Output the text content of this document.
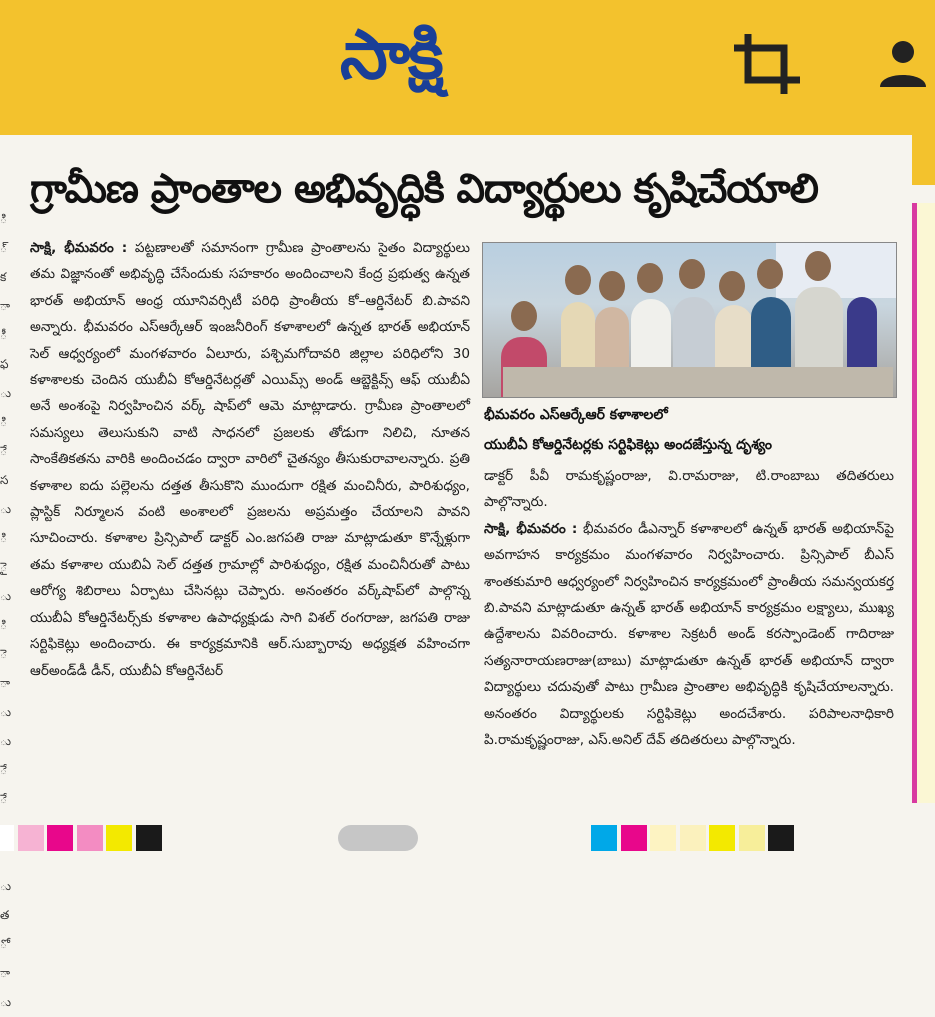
సాక్షి
ి
్
క
ా
ీ
ఫ
ు
ి
ే
స
ు
ి
ై
ు
ి
ె
ా
ు
ు
ే
ే
ు
త
ో
ా
ు
గ్రామీణ ప్రాంతాల అభివృద్ధికి విద్యార్థులు కృషిచేయాలి

సాక్షి, భీమవరం : పట్టణాలతో సమానంగా గ్రామీణ ప్రాంతాలను సైతం విద్యార్థులు తమ విజ్ఞానంతో అభివృద్ధి చేసేందుకు సహకారం అందించాలని కేంద్ర ప్రభుత్వ ఉన్నత భారత్ అభియాన్ ఆంధ్ర యూనివర్సిటీ పరిధి ప్రాంతీయ కో–ఆర్డినేటర్ బి.పావని అన్నారు. భీమవరం ఎస్ఆర్కేఆర్ ఇంజనీరింగ్ కళాశాలలో ఉన్నత భారత్ అభియాన్ సెల్ ఆధ్వర్యంలో మంగళవారం ఏలూరు, పశ్చిమగోదావరి జిల్లాల పరిధిలోని 30 కళాశాలకు చెందిన యుబీఏ కోఆర్డినేటర్లతో ఎయిమ్స్ అండ్ ఆబ్జెక్టివ్స్ ఆఫ్ యుబీఏ అనే అంశంపై నిర్వహించిన వర్క్ షాప్‌లో ఆమె మాట్లాడారు. గ్రామీణ ప్రాంతాలలో సమస్యలు తెలుసుకుని వాటి సాధనలో ప్రజలకు తోడుగా నిలిచి, నూతన సాంకేతికతను వారికి అందించడం ద్వారా వారిలో చైతన్యం తీసుకురావాలన్నారు. ప్రతి కళాశాల ఐదు పల్లెలను దత్తత తీసుకొని ముందుగా రక్షిత మంచినీరు, పారిశుధ్యం, ప్లాస్టిక్ నిర్మూలన వంటి అంశాలలో ప్రజలను అప్రమత్తం చేయాలని పావని సూచించారు. కళాశాల ప్రిన్సిపాల్ డాక్టర్ ఎం.జగపతి రాజు మాట్లాడుతూ కొన్నేళ్లుగా తమ కళాశాల యుబిఏ సెల్ దత్తత గ్రామాల్లో పారిశుధ్యం, రక్షిత మంచినీరుతో పాటు ఆరోగ్య శిబిరాలు ఏర్పాటు చేసినట్లు చెప్పారు. అనంతరం వర్క్‌షాప్‌లో పాల్గొన్న యుబీఏ కోఆర్డినేటర్స్‌కు కళాశాల ఉపాధ్యక్షుడు సాగి విశల్ రంగరాజు, జగపతి రాజు సర్టిఫికెట్లు అందించారు. ఈ కార్యక్రమానికి ఆర్.సుబ్బారావు అధ్యక్షత వహించగా ఆర్అండ్‌డీ డీన్, యుబీఏ కోఆర్డినేటర్

భీమవరం ఎస్ఆర్కేఆర్ కళాశాలలో
యుబీఏ కోఆర్డినేటర్లకు సర్టిఫికెట్లు అందజేస్తున్న దృశ్యం

డాక్టర్ పీవీ రామకృష్ణంరాజు, వి.రామరాజు, టి.రాంబాబు తదితరులు పాల్గొన్నారు.

సాక్షి, భీమవరం : భీమవరం డీఎన్నార్ కళాశాలలో ఉన్నత్ భారత్ అభియాన్‌పై అవగాహన కార్యక్రమం మంగళవారం నిర్వహించారు. ప్రిన్సిపాల్ బీఎస్ శాంతకుమారి ఆధ్వర్యంలో నిర్వహించిన కార్యక్రమంలో ప్రాంతీయ సమన్వయకర్త బి.పావని మాట్లాడుతూ ఉన్నత్ భారత్ అభియాన్ కార్యక్రమం లక్ష్యాలు, ముఖ్య ఉద్దేశాలను వివరించారు. కళాశాల సెక్రటరీ అండ్ కరస్పాండెంట్ గాదిరాజు సత్యనారాయణరాజు(బాబు) మాట్లాడుతూ ఉన్నత్ భారత్ అభియాన్ ద్వారా విద్యార్థులు చదువుతో పాటు గ్రామీణ ప్రాంతాల అభివృద్ధికి కృషిచేయాలన్నారు. అనంతరం విద్యార్థులకు సర్టిఫికెట్లు అందచేశారు. పరిపాలనాధికారి పి.రామకృష్ణంరాజు, ఎస్.అనిల్ దేవ్ తదితరులు పాల్గొన్నారు.
